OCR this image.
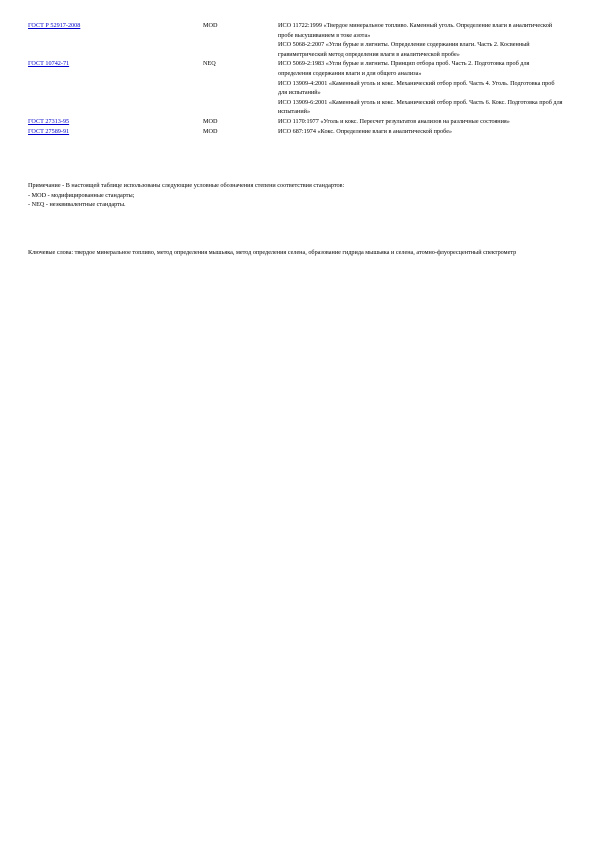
ГОСТ Р 52917-2008	MOD	ИСО 11722:1999 «Твердое минеральное топливо. Каменный уголь. Определение влаги в аналитической пробе высушиванием в токе азота»
ИСО 5068-2:2007 «Угли бурые и лигниты. Определение содержания влаги. Часть 2. Косвенный гравиметрический метод определения влаги в аналитической пробе»
ГОСТ 10742-71	NEQ	ИСО 5069-2:1983 «Угли бурые и лигниты. Принцип отбора проб. Часть 2. Подготовка проб для определения содержания влаги и для общего анализа»
ИСО 13909-4:2001 «Каменный уголь и кокс. Механический отбор проб. Часть 4. Уголь. Подготовка проб для испытаний»
ИСО 13909-6:2001 «Каменный уголь и кокс. Механический отбор проб. Часть 6. Кокс. Подготовка проб для испытаний»
ГОСТ 27313-95	MOD	ИСО 1170:1977 «Уголь и кокс. Пересчет результатов анализов на различные состояния»
ГОСТ 27589-91	MOD	ИСО 687:1974 «Кокс. Определение влаги в аналитической пробе»
Примечание - В настоящей таблице использованы следующие условные обозначения степени соответствия стандартов:
- MOD - модифицированные стандарты;
- NEQ - неэквивалентные стандарты.
Ключевые слова: твердое минеральное топливо, метод определения мышьяка, метод определения селена, образование гидрида мышьяка и селена, атомно-флуоресцентный спектрометр
